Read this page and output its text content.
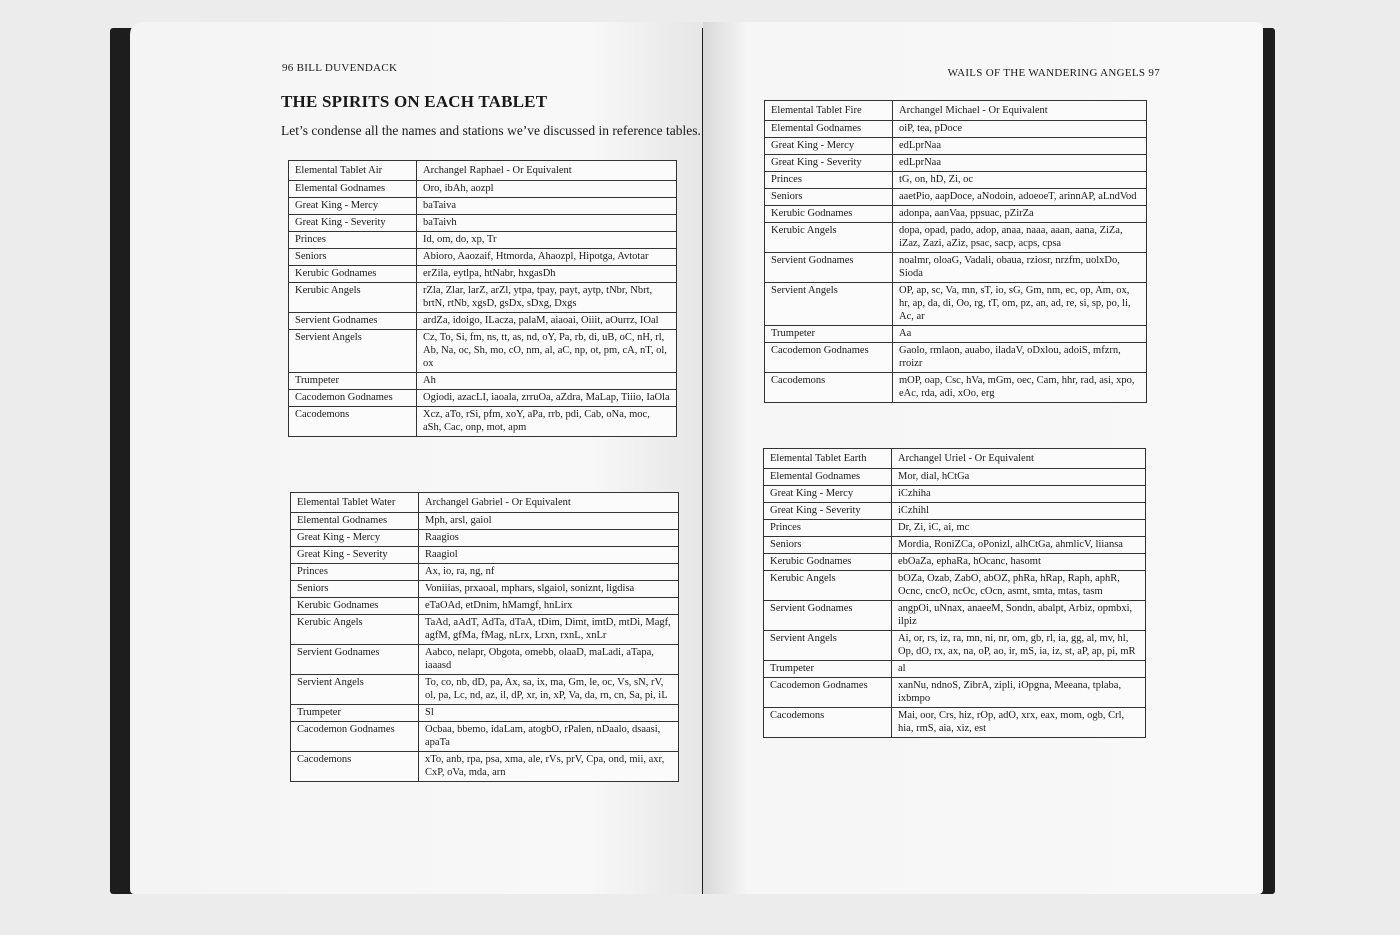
96 BILL DUVENDACK
THE SPIRITS ON EACH TABLET

Let’s condense all the names and stations we’ve discussed in reference tables.

Elemental Tablet Air	Archangel Raphael - Or Equivalent
Elemental Godnames	Oro, ibAh, aozpl
Great King - Mercy	baTaiva
Great King - Severity	baTaivh
Princes	Id, om, do, xp, Tr
Seniors	Abioro, Aaozaif, Htmorda, Ahaozpl, Hipotga, Avtotar
Kerubic Godnames	erZila, eytlpa, htNabr, hxgasDh
Kerubic Angels	rZla, Zlar, larZ, arZl, ytpa, tpay, payt, aytp, tNbr, Nbrt, brtN, rtNb, xgsD, gsDx, sDxg, Dxgs
Servient Godnames	ardZa, idoigo, ILacza, palaM, aiaoai, Oiiit, aOurrz, IOal
Servient Angels	Cz, To, Si, fm, ns, tt, as, nd, oY, Pa, rb, di, uB, oC, nH, rl, Ab, Na, oc, Sh, mo, cO, nm, al, aC, np, ot, pm, cA, nT, ol, ox
Trumpeter	Ah
Cacodemon Godnames	Ogiodi, azacLI, iaoala, zrruOa, aZdra, MaLap, Tiiio, IaOla
Cacodemons	Xcz, aTo, rSi, pfm, xoY, aPa, rrb, pdi, Cab, oNa, moc, aSh, Cac, onp, mot, apm
Elemental Tablet Water	Archangel Gabriel - Or Equivalent
Elemental Godnames	Mph, arsl, gaiol
Great King - Mercy	Raagios
Great King - Severity	Raagiol
Princes	Ax, io, ra, ng, nf
Seniors	Voniiias, prxaoal, mphars, slgaiol, soniznt, ligdisa
Kerubic Godnames	eTaOAd, etDnim, hMamgf, hnLirx
Kerubic Angels	TaAd, aAdT, AdTa, dTaA, tDim, Dimt, imtD, mtDi, Magf, agfM, gfMa, fMag, nLrx, Lrxn, rxnL, xnLr
Servient Godnames	Aabco, nelapr, Obgota, omebb, olaaD, maLadi, aTapa, iaaasd
Servient Angels	To, co, nb, dD, pa, Ax, sa, ix, ma, Gm, le, oc, Vs, sN, rV, ol, pa, Lc, nd, az, il, dP, xr, in, xP, Va, da, rn, cn, Sa, pi, iL
Trumpeter	Sl
Cacodemon Godnames	Ocbaa, bbemo, idaLam, atogbO, rPalen, nDaalo, dsaasi, apaTa
Cacodemons	xTo, anb, rpa, psa, xma, ale, rVs, prV, Cpa, ond, mii, axr, CxP, oVa, mda, arn
WAILS OF THE WANDERING ANGELS 97
Elemental Tablet Fire	Archangel Michael - Or Equivalent
Elemental Godnames	oiP, tea, pDoce
Great King - Mercy	edLprNaa
Great King - Severity	edLprNaa
Princes	tG, on, hD, Zi, oc
Seniors	aaetPio, aapDoce, aNodoin, adoeoeT, arinnAP, aLndVod
Kerubic Godnames	adonpa, aanVaa, ppsuac, pZirZa
Kerubic Angels	dopa, opad, pado, adop, anaa, naaa, aaan, aana, ZiZa, iZaz, Zazi, aZiz, psac, sacp, acps, cpsa
Servient Godnames	noalmr, oloaG, Vadali, obaua, rziosr, nrzfm, uolxDo, Sioda
Servient Angels	OP, ap, sc, Va, mn, sT, io, sG, Gm, nm, ec, op, Am, ox, hr, ap, da, di, Oo, rg, tT, om, pz, an, ad, re, si, sp, po, li, Ac, ar
Trumpeter	Aa
Cacodemon Godnames	Gaolo, rmlaon, auabo, iladaV, oDxlou, adoiS, mfzrn, rroizr
Cacodemons	mOP, oap, Csc, hVa, mGm, oec, Cam, hhr, rad, asi, xpo, eAc, rda, adi, xOo, erg
Elemental Tablet Earth	Archangel Uriel - Or Equivalent
Elemental Godnames	Mor, dial, hCtGa
Great King - Mercy	iCzhiha
Great King - Severity	iCzhihl
Princes	Dr, Zi, iC, ai, mc
Seniors	Mordia, RoniZCa, oPonizl, alhCtGa, ahmlicV, liiansa
Kerubic Godnames	ebOaZa, ephaRa, hOcanc, hasomt
Kerubic Angels	bOZa, Ozab, ZabO, abOZ, phRa, hRap, Raph, aphR, Ocnc, cncO, ncOc, cOcn, asmt, smta, mtas, tasm
Servient Godnames	angpOi, uNnax, anaeeM, Sondn, abalpt, Arbiz, opmbxi, ilpiz
Servient Angels	Ai, or, rs, iz, ra, mn, ni, nr, om, gb, rl, ia, gg, al, mv, hl, Op, dO, rx, ax, na, oP, ao, ir, mS, ia, iz, st, aP, ap, pi, mR
Trumpeter	al
Cacodemon Godnames	xanNu, ndnoS, ZibrA, zipli, iOpgna, Meeana, tplaba, ixbmpo
Cacodemons	Mai, oor, Crs, hiz, rOp, adO, xrx, eax, mom, ogb, Crl, hia, rmS, aia, xiz, est
